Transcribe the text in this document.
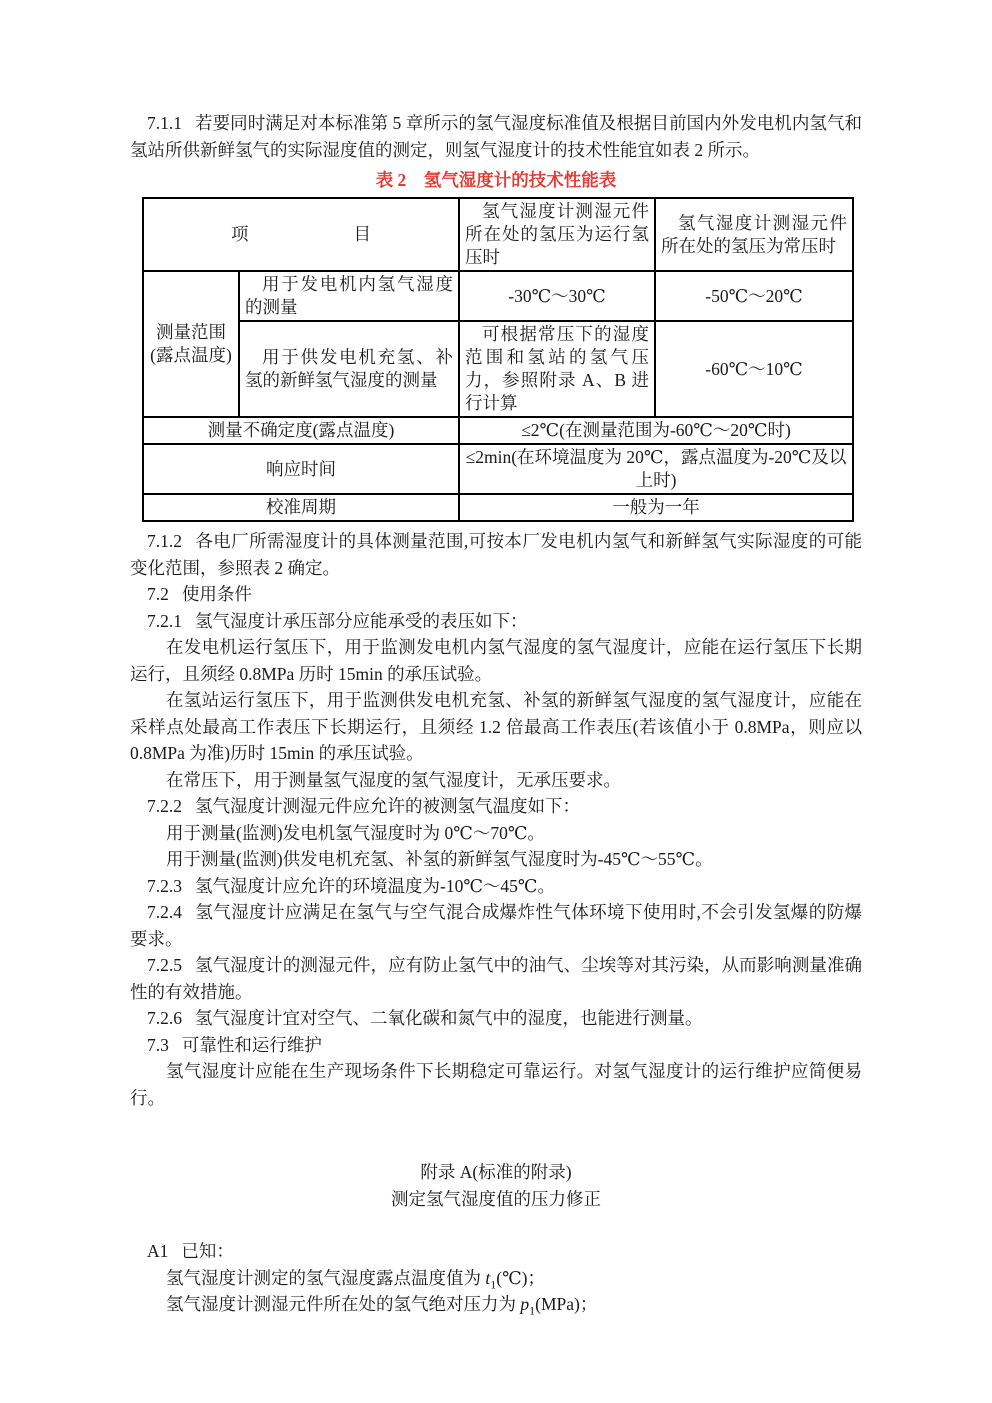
7.1.1 若要同时满足对本标准第 5 章所示的氢气湿度标准值及根据目前国内外发电机内氢气和氢站所供新鲜氢气的实际湿度值的测定，则氢气湿度计的技术性能宜如表 2 所示。

表 2　氢气湿度计的技术性能表
项　　　　　　目		氢气湿度计测湿元件所在处的氢压为运行氢压时	氢气湿度计测湿元件所在处的氢压为常压时
测量范围(露点温度)	用于发电机内氢气湿度的测量	-30℃～30℃	-50℃～20℃
	用于供发电机充氢、补氢的新鲜氢气湿度的测量	可根据常压下的湿度范围和氢站的氢气压力，参照附录 A、B 进行计算	-60℃～10℃
测量不确定度(露点温度)		≤2℃(在测量范围为-60℃～20℃时)	
响应时间		≤2min(在环境温度为 20℃，露点温度为-20℃及以上时)	
校准周期		一般为一年	

7.1.2 各电厂所需湿度计的具体测量范围,可按本厂发电机内氢气和新鲜氢气实际湿度的可能变化范围，参照表 2 确定。

7.2 使用条件

7.2.1 氢气湿度计承压部分应能承受的表压如下：

在发电机运行氢压下，用于监测发电机内氢气湿度的氢气湿度计，应能在运行氢压下长期运行，且须经 0.8MPa 历时 15min 的承压试验。

在氢站运行氢压下，用于监测供发电机充氢、补氢的新鲜氢气湿度的氢气湿度计，应能在采样点处最高工作表压下长期运行，且须经 1.2 倍最高工作表压(若该值小于 0.8MPa，则应以 0.8MPa 为准)历时 15min 的承压试验。

在常压下，用于测量氢气湿度的氢气湿度计，无承压要求。

7.2.2 氢气湿度计测湿元件应允许的被测氢气温度如下：

用于测量(监测)发电机氢气湿度时为 0℃～70℃。

用于测量(监测)供发电机充氢、补氢的新鲜氢气湿度时为-45℃～55℃。

7.2.3 氢气湿度计应允许的环境温度为-10℃～45℃。

7.2.4 氢气湿度计应满足在氢气与空气混合成爆炸性气体环境下使用时,不会引发氢爆的防爆要求。

7.2.5 氢气湿度计的测湿元件，应有防止氢气中的油气、尘埃等对其污染，从而影响测量准确性的有效措施。

7.2.6 氢气湿度计宜对空气、二氧化碳和氮气中的湿度，也能进行测量。

7.3 可靠性和运行维护

氢气湿度计应能在生产现场条件下长期稳定可靠运行。对氢气湿度计的运行维护应简便易行。

附录 A(标准的附录)
测定氢气湿度值的压力修正

A1 已知：

氢气湿度计测定的氢气湿度露点温度值为 $t_1(℃)$；

氢气湿度计测湿元件所在处的氢气绝对压力为 $p_1(MPa)$；
